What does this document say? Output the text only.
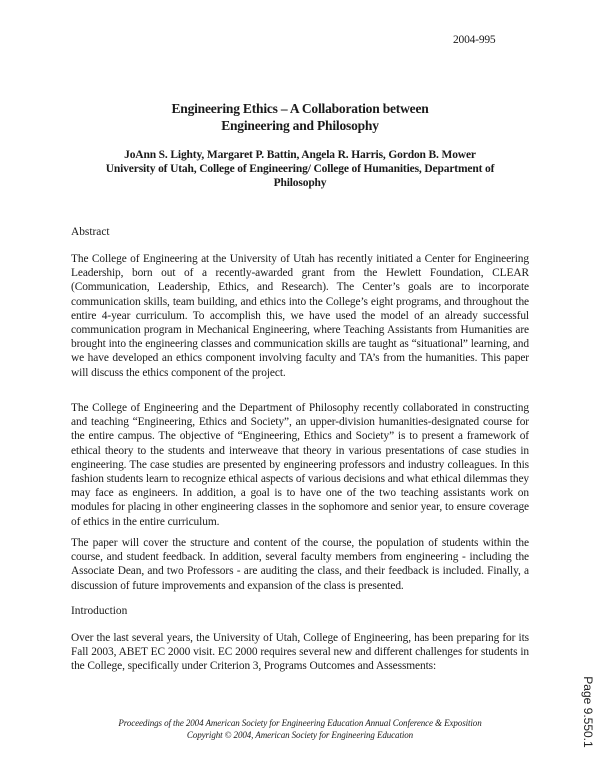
2004-995
Engineering Ethics – A Collaboration between
Engineering and Philosophy
JoAnn S. Lighty, Margaret P. Battin, Angela R. Harris, Gordon B. Mower
University of Utah, College of Engineering/ College of Humanities, Department of Philosophy
Abstract
The College of Engineering at the University of Utah has recently initiated a Center for Engineering Leadership, born out of a recently-awarded grant from the Hewlett Foundation, CLEAR (Communication, Leadership, Ethics, and Research). The Center’s goals are to incorporate communication skills, team building, and ethics into the College’s eight programs, and throughout the entire 4-year curriculum. To accomplish this, we have used the model of an already successful communication program in Mechanical Engineering, where Teaching Assistants from Humanities are brought into the engineering classes and communication skills are taught as “situational” learning, and we have developed an ethics component involving faculty and TA’s from the humanities. This paper will discuss the ethics component of the project.
The College of Engineering and the Department of Philosophy recently collaborated in constructing and teaching “Engineering, Ethics and Society”, an upper-division humanities-designated course for the entire campus. The objective of “Engineering, Ethics and Society” is to present a framework of ethical theory to the students and interweave that theory in various presentations of case studies in engineering. The case studies are presented by engineering professors and industry colleagues. In this fashion students learn to recognize ethical aspects of various decisions and what ethical dilemmas they may face as engineers. In addition, a goal is to have one of the two teaching assistants work on modules for placing in other engineering classes in the sophomore and senior year, to ensure coverage of ethics in the entire curriculum.
The paper will cover the structure and content of the course, the population of students within the course, and student feedback. In addition, several faculty members from engineering - including the Associate Dean, and two Professors - are auditing the class, and their feedback is included. Finally, a discussion of future improvements and expansion of the class is presented.
Introduction
Over the last several years, the University of Utah, College of Engineering, has been preparing for its Fall 2003, ABET EC 2000 visit. EC 2000 requires several new and different challenges for students in the College, specifically under Criterion 3, Programs Outcomes and Assessments:
Proceedings of the 2004 American Society for Engineering Education Annual Conference & Exposition
Copyright © 2004, American Society for Engineering Education	Page 9.550.1
